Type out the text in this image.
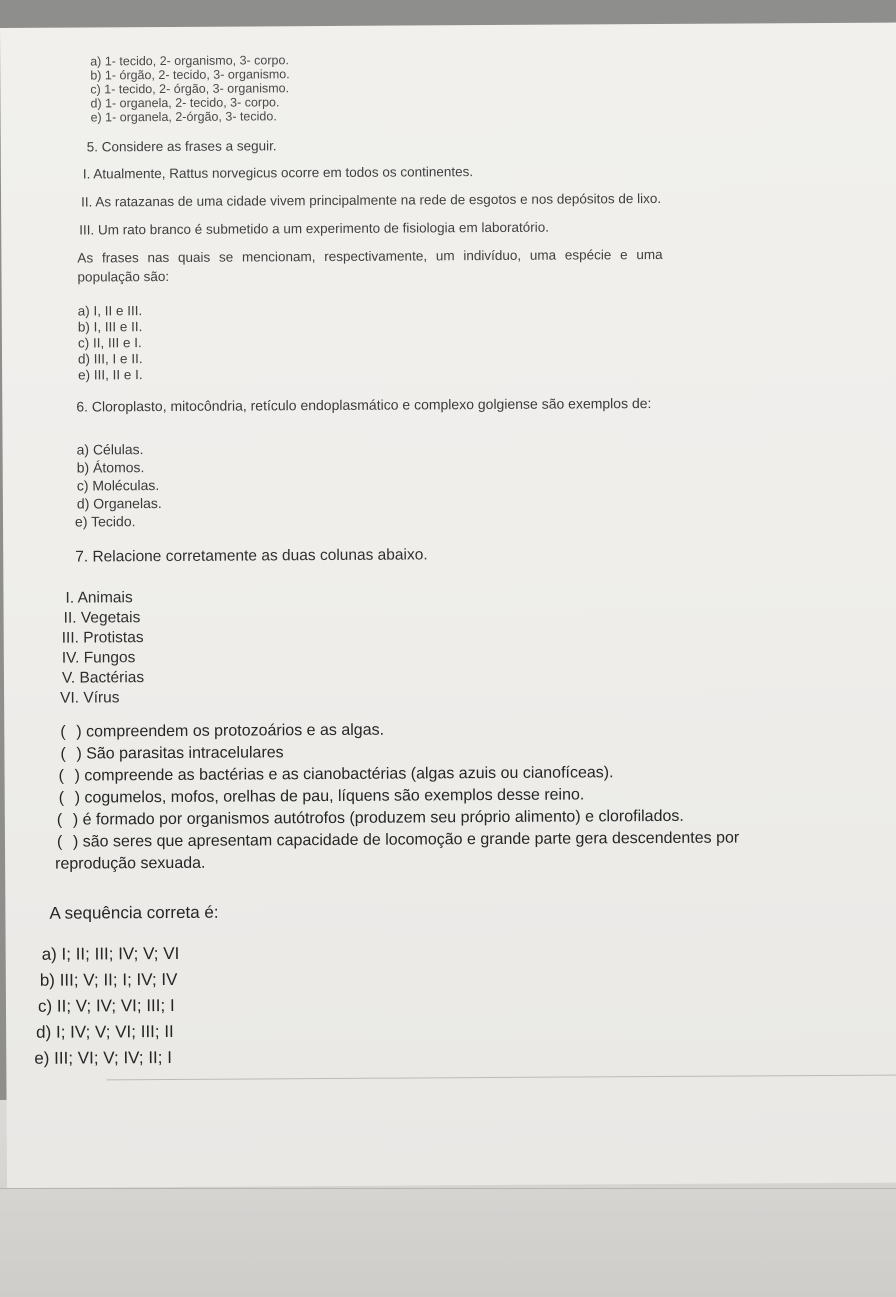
a) 1- tecido, 2- organismo, 3- corpo.

b) 1- órgão, 2- tecido, 3- organismo.

c) 1- tecido, 2- órgão, 3- organismo.

d) 1- organela, 2- tecido, 3- corpo.

e) 1- organela, 2-órgão, 3- tecido.

5. Considere as frases a seguir.

I. Atualmente, Rattus norvegicus ocorre em todos os continentes.

II. As ratazanas de uma cidade vivem principalmente na rede de esgotos e nos depósitos de lixo.

III. Um rato branco é submetido a um experimento de fisiologia em laboratório.

As frases nas quais se mencionam, respectivamente, um indivíduo, uma espécie e uma

população são:

a) I, II e III.

b) I, III e II.

c) II, III e I.

d) III, I e II.

e) III, II e I.

6. Cloroplasto, mitocôndria, retículo endoplasmático e complexo golgiense são exemplos de:

a) Células.

b) Átomos.

c) Moléculas.

d) Organelas.

e) Tecido.

7. Relacione corretamente as duas colunas abaixo.

I. Animais

II. Vegetais

III. Protistas

IV. Fungos

V. Bactérias

VI. Vírus

( ) compreendem os protozoários e as algas.

( ) São parasitas intracelulares

( ) compreende as bactérias e as cianobactérias (algas azuis ou cianofíceas).

( ) cogumelos, mofos, orelhas de pau, líquens são exemplos desse reino.

( ) é formado por organismos autótrofos (produzem seu próprio alimento) e clorofilados.

( ) são seres que apresentam capacidade de locomoção e grande parte gera descendentes por

reprodução sexuada.

A sequência correta é:

a) I; II; III; IV; V; VI

b) III; V; II; I; IV; IV

c) II; V; IV; VI; III; I

d) I; IV; V; VI; III; II

e) III; VI; V; IV; II; I
